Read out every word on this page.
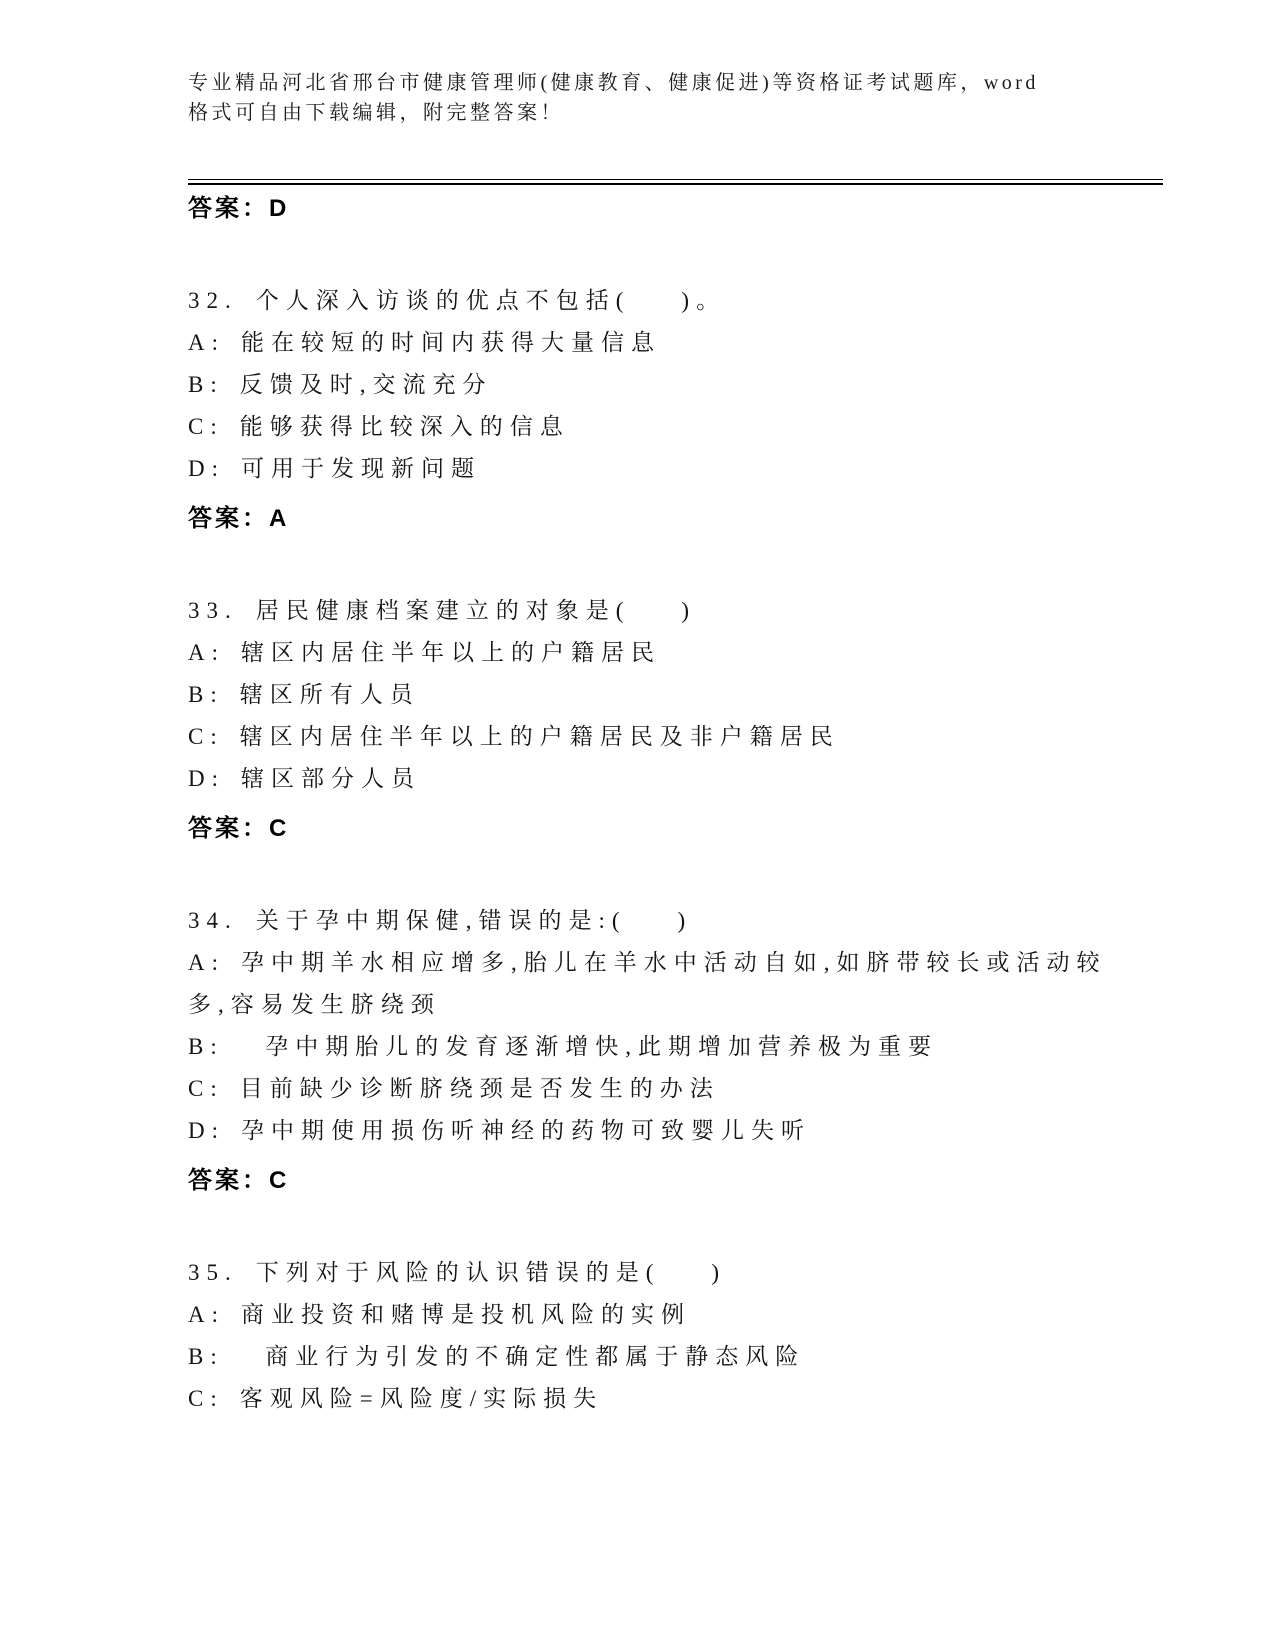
专业精品河北省邢台市健康管理师(健康教育、健康促进)等资格证考试题库，word

格式可自由下载编辑，附完整答案！

答案：D

32. 个人深入访谈的优点不包括(    )。

A: 能在较短的时间内获得大量信息

B: 反馈及时,交流充分

C: 能够获得比较深入的信息

D: 可用于发现新问题

答案：A

33. 居民健康档案建立的对象是(    )

A: 辖区内居住半年以上的户籍居民

B: 辖区所有人员

C: 辖区内居住半年以上的户籍居民及非户籍居民

D: 辖区部分人员

答案：C

34. 关于孕中期保健,错误的是:(    )

A: 孕中期羊水相应增多,胎儿在羊水中活动自如,如脐带较长或活动较多,容易发生脐绕颈

B:  孕中期胎儿的发育逐渐增快,此期增加营养极为重要

C: 目前缺少诊断脐绕颈是否发生的办法

D: 孕中期使用损伤听神经的药物可致婴儿失听

答案：C

35. 下列对于风险的认识错误的是(    )

A: 商业投资和赌博是投机风险的实例

B:  商业行为引发的不确定性都属于静态风险

C: 客观风险=风险度/实际损失
